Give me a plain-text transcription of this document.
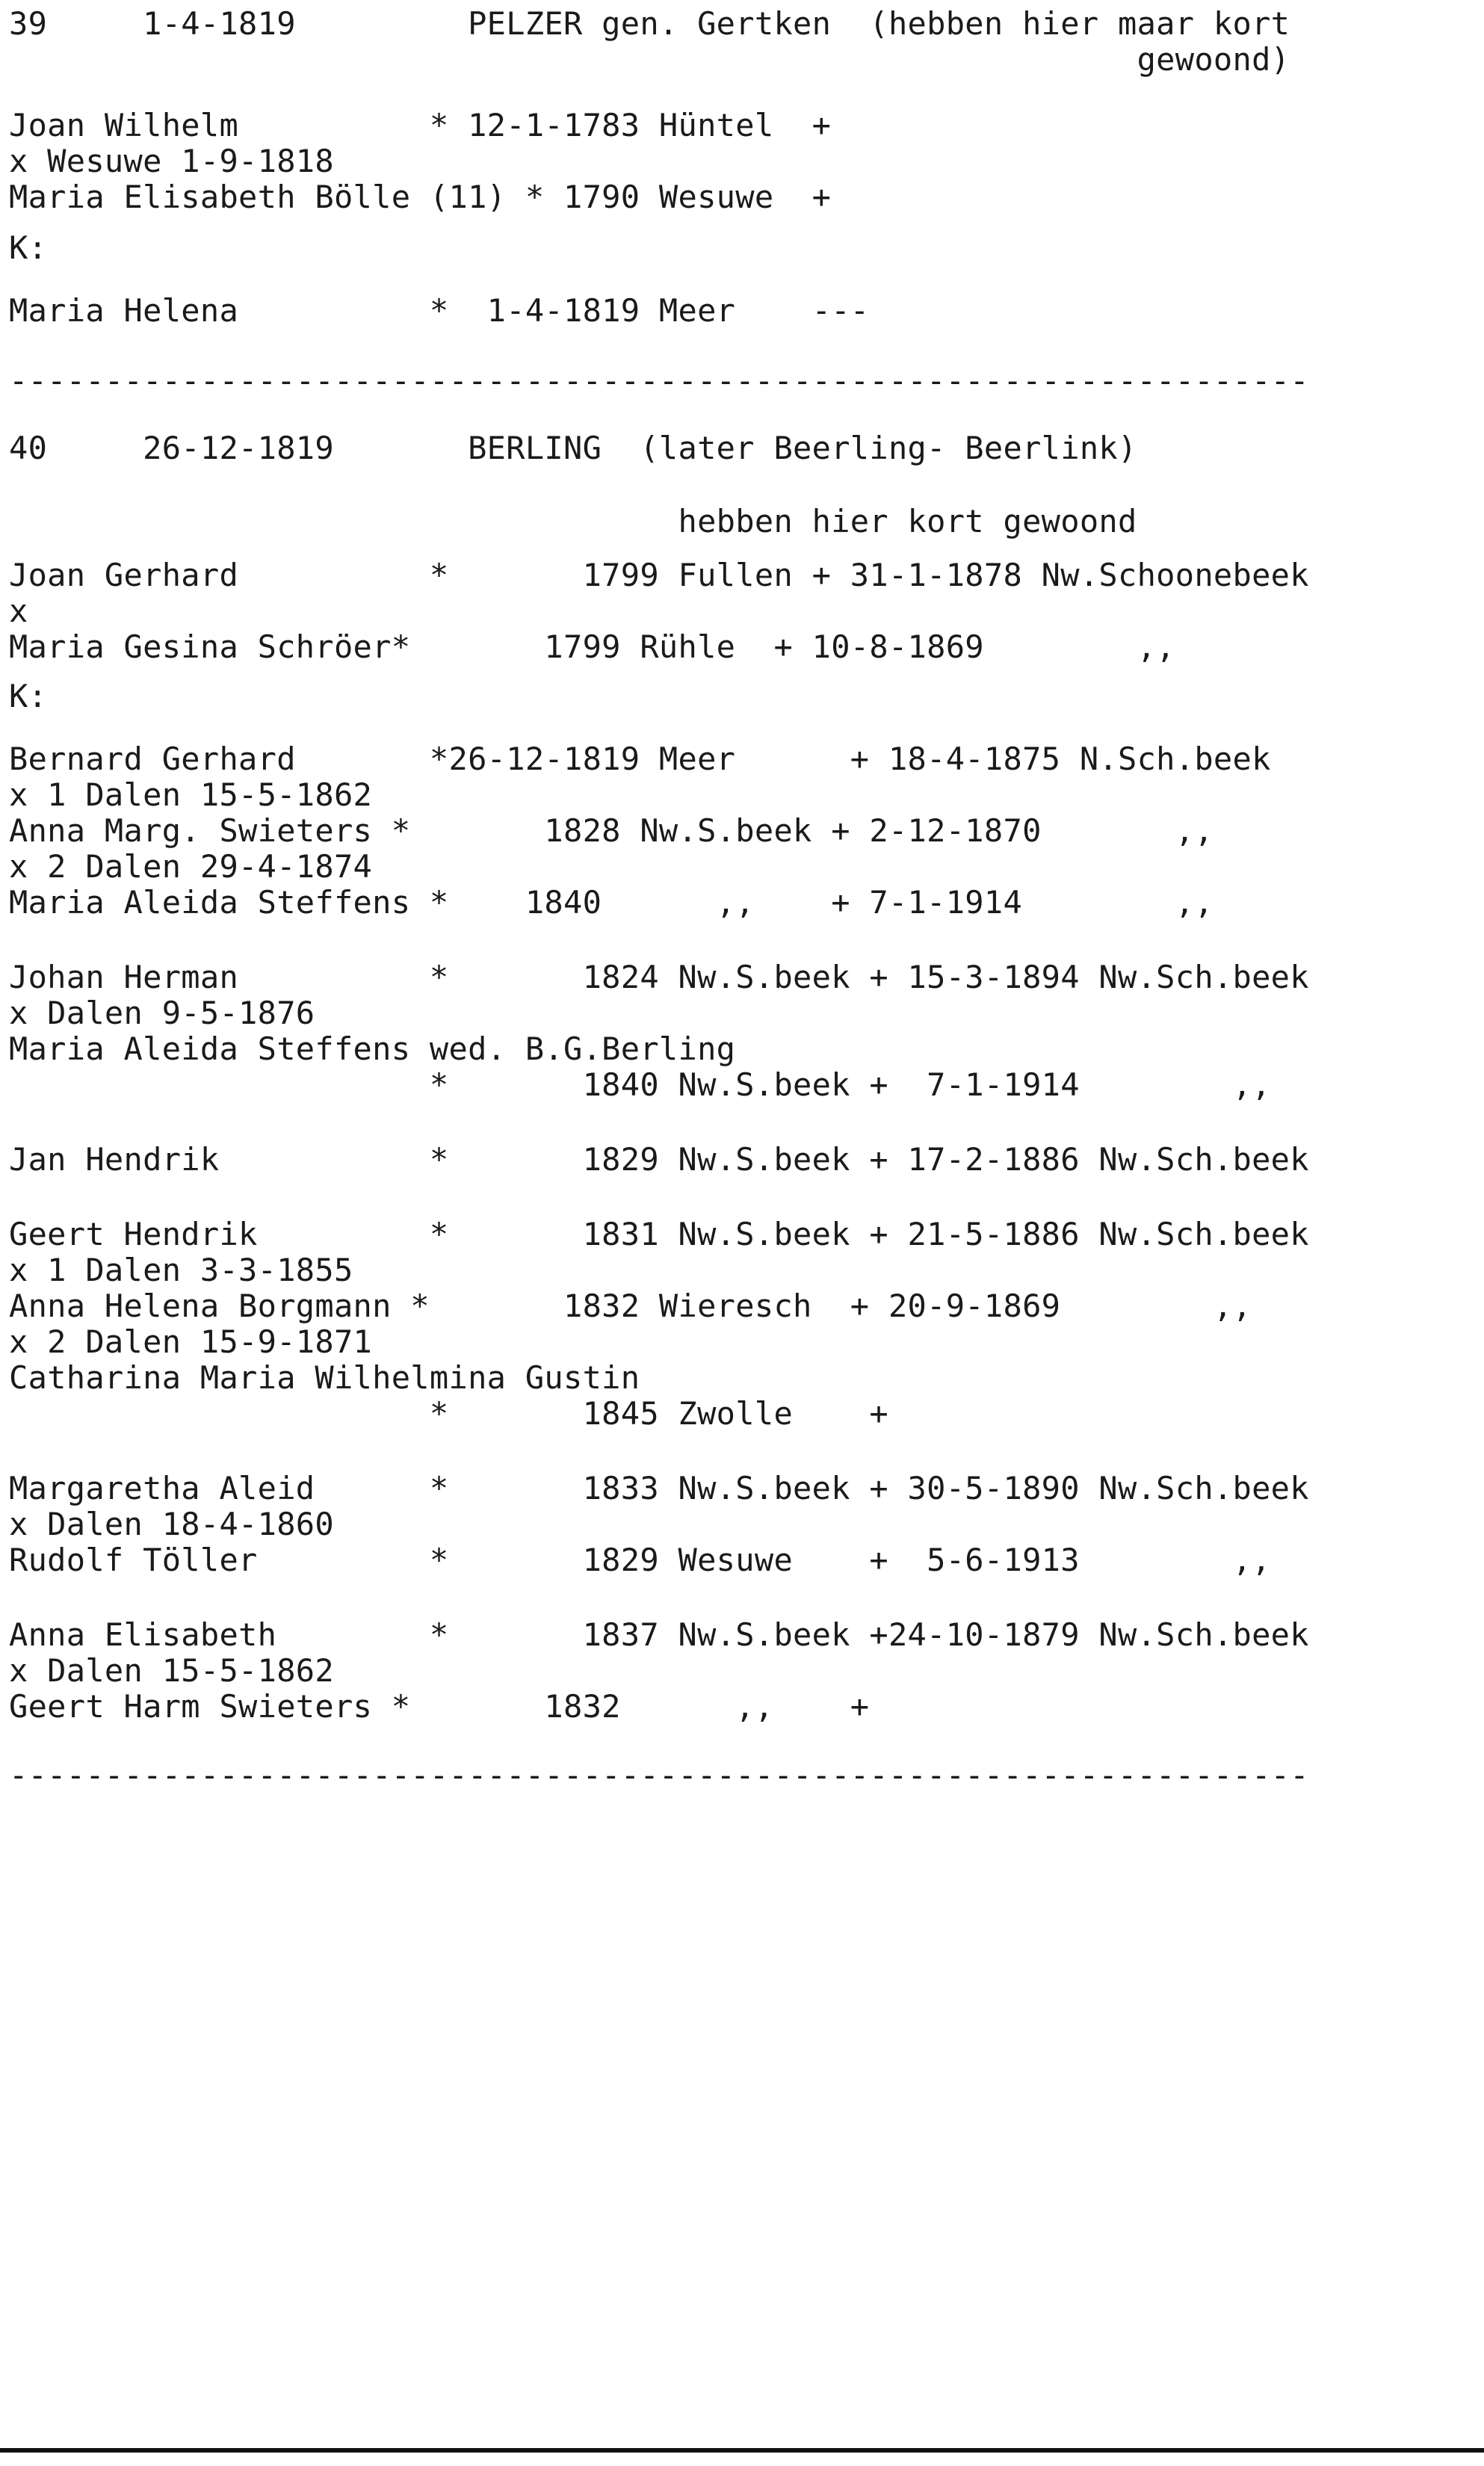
39     1-4-1819         PELZER gen. Gertken  (hebben hier maar kort
gewoond)
Joan Wilhelm          * 12-1-1783 Hüntel  +
x Wesuwe 1-9-1818
Maria Elisabeth Bölle (11) * 1790 Wesuwe  +
K:
Maria Helena          *  1-4-1819 Meer    ---
--------------------------------------------------------------------
40     26-12-1819       BERLING  (later Beerling- Beerlink)
hebben hier kort gewoond
Joan Gerhard          *       1799 Fullen + 31-1-1878 Nw.Schoonebeek
x
Maria Gesina Schröer*       1799 Rühle  + 10-8-1869        ,,
K:
Bernard Gerhard       *26-12-1819 Meer      + 18-4-1875 N.Sch.beek
x 1 Dalen 15-5-1862
Anna Marg. Swieters *       1828 Nw.S.beek + 2-12-1870       ,,
x 2 Dalen 29-4-1874
Maria Aleida Steffens *    1840      ,,    + 7-1-1914        ,,
Johan Herman          *       1824 Nw.S.beek + 15-3-1894 Nw.Sch.beek
x Dalen 9-5-1876
Maria Aleida Steffens wed. B.G.Berling
*       1840 Nw.S.beek +  7-1-1914        ,,
Jan Hendrik           *       1829 Nw.S.beek + 17-2-1886 Nw.Sch.beek
Geert Hendrik         *       1831 Nw.S.beek + 21-5-1886 Nw.Sch.beek
x 1 Dalen 3-3-1855
Anna Helena Borgmann *       1832 Wieresch  + 20-9-1869        ,,
x 2 Dalen 15-9-1871
Catharina Maria Wilhelmina Gustin
*       1845 Zwolle    +
Margaretha Aleid      *       1833 Nw.S.beek + 30-5-1890 Nw.Sch.beek
x Dalen 18-4-1860
Rudolf Töller         *       1829 Wesuwe    +  5-6-1913        ,,
Anna Elisabeth        *       1837 Nw.S.beek +24-10-1879 Nw.Sch.beek
x Dalen 15-5-1862
Geert Harm Swieters *       1832      ,,    +
--------------------------------------------------------------------
